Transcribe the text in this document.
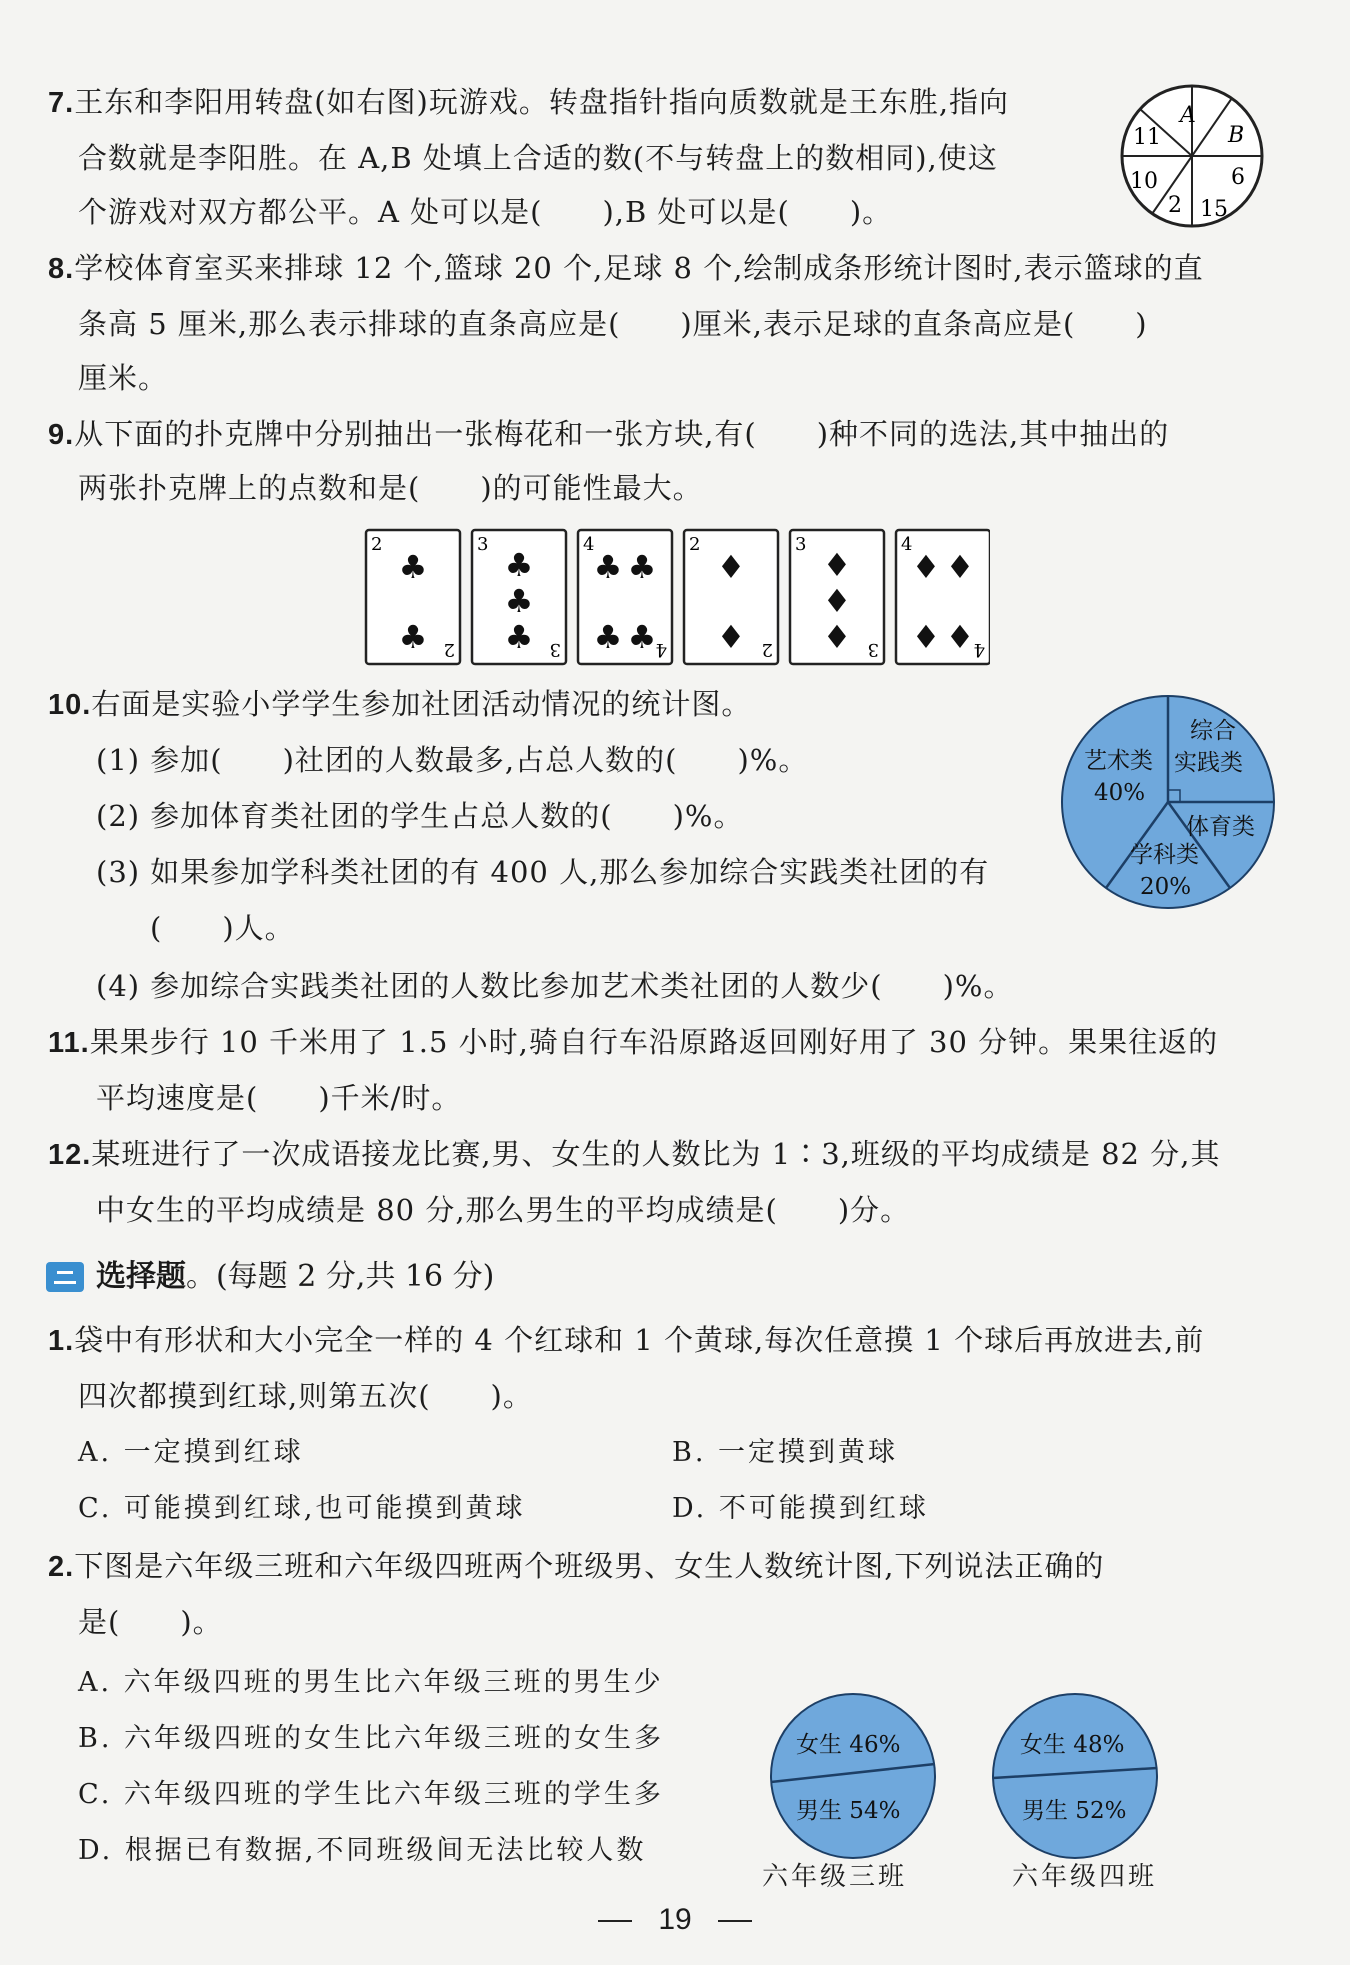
7.王东和李阳用转盘(如右图)玩游戏。转盘指针指向质数就是王东胜,指向
合数就是李阳胜。在 A,B 处填上合适的数(不与转盘上的数相同),使这
个游戏对双方都公平。A 处可以是(　　),B 处可以是(　　)。
A
B
6
15
2
10
11
8.学校体育室买来排球 12 个,篮球 20 个,足球 8 个,绘制成条形统计图时,表示篮球的直
条高 5 厘米,那么表示排球的直条高应是(　　)厘米,表示足球的直条高应是(　　)
厘米。
9.从下面的扑克牌中分别抽出一张梅花和一张方块,有(　　)种不同的选法,其中抽出的
两张扑克牌上的点数和是(　　)的可能性最大。
2
2
♣
♣
3
3
♣
♣
♣
4
4
♣ ♣
♣ ♣
2
2
♦
♦
3
3
♦
♦
♦
4
4
♦ ♦
♦ ♦
10.右面是实验小学学生参加社团活动情况的统计图。
(1) 参加(　　)社团的人数最多,占总人数的(　　)%。
(2) 参加体育类社团的学生占总人数的(　　)%。
(3) 如果参加学科类社团的有 400 人,那么参加综合实践类社团的有
(　　)人。
(4) 参加综合实践类社团的人数比参加艺术类社团的人数少(　　)%。
艺术类
40%
综合
实践类
体育类
学科类
20%
11.果果步行 10 千米用了 1.5 小时,骑自行车沿原路返回刚好用了 30 分钟。果果往返的
平均速度是(　　)千米/时。
12.某班进行了一次成语接龙比赛,男、女生的人数比为 1∶3,班级的平均成绩是 82 分,其
中女生的平均成绩是 80 分,那么男生的平均成绩是(　　)分。
选择题。(每题 2 分,共 16 分)
1.袋中有形状和大小完全一样的 4 个红球和 1 个黄球,每次任意摸 1 个球后再放进去,前
四次都摸到红球,则第五次(　　)。
A. 一定摸到红球	B. 一定摸到黄球
C. 可能摸到红球,也可能摸到黄球	D. 不可能摸到红球
2.下图是六年级三班和六年级四班两个班级男、女生人数统计图,下列说法正确的
是(　　)。
A. 六年级四班的男生比六年级三班的男生少
B. 六年级四班的女生比六年级三班的女生多
C. 六年级四班的学生比六年级三班的学生多
D. 根据已有数据,不同班级间无法比较人数
女生 46%
男生 54%
六年级三班
女生 48%
男生 52%
六年级四班
19
